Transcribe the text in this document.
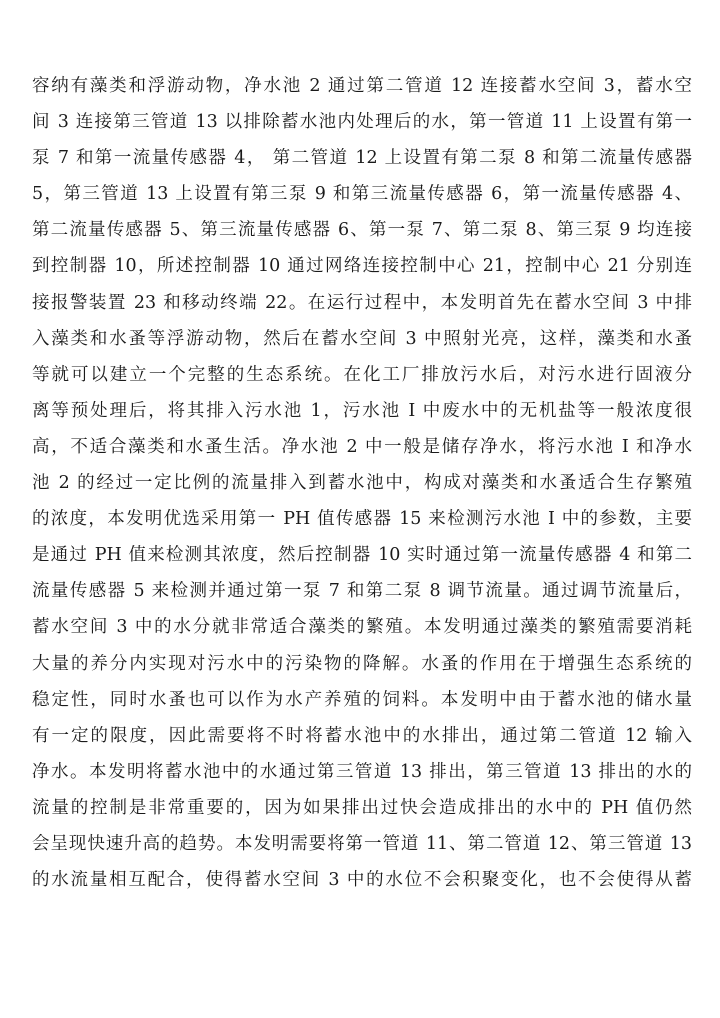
容纳有藻类和浮游动物，净水池 2 通过第二管道 12 连接蓄水空间 3，蓄水空
间 3 连接第三管道 13 以排除蓄水池内处理后的水，第一管道 11 上设置有第一
泵 7 和第一流量传感器 4， 第二管道 12 上设置有第二泵 8 和第二流量传感器
5，第三管道 13 上设置有第三泵 9 和第三流量传感器 6，第一流量传感器 4、
第二流量传感器 5、第三流量传感器 6、第一泵 7、第二泵 8、第三泵 9 均连接
到控制器 10，所述控制器 10 通过网络连接控制中心 21，控制中心 21 分别连
接报警装置 23 和移动终端 22。在运行过程中，本发明首先在蓄水空间 3 中排
入藻类和水蚤等浮游动物，然后在蓄水空间 3 中照射光亮，这样，藻类和水蚤
等就可以建立一个完整的生态系统。在化工厂排放污水后，对污水进行固液分
离等预处理后，将其排入污水池 1，污水池 I 中废水中的无机盐等一般浓度很
高，不适合藻类和水蚤生活。净水池 2 中一般是储存净水，将污水池 I 和净水
池 2 的经过一定比例的流量排入到蓄水池中，构成对藻类和水蚤适合生存繁殖
的浓度，本发明优选采用第一 PH 值传感器 15 来检测污水池 I 中的参数，主要
是通过 PH 值来检测其浓度，然后控制器 10 实时通过第一流量传感器 4 和第二
流量传感器 5 来检测并通过第一泵 7 和第二泵 8 调节流量。通过调节流量后，
蓄水空间 3 中的水分就非常适合藻类的繁殖。本发明通过藻类的繁殖需要消耗
大量的养分内实现对污水中的污染物的降解。水蚤的作用在于增强生态系统的
稳定性，同时水蚤也可以作为水产养殖的饲料。本发明中由于蓄水池的储水量
有一定的限度，因此需要将不时将蓄水池中的水排出，通过第二管道 12 输入
净水。本发明将蓄水池中的水通过第三管道 13 排出，第三管道 13 排出的水的
流量的控制是非常重要的，因为如果排出过快会造成排出的水中的 PH 值仍然
会呈现快速升高的趋势。本发明需要将第一管道 11、第二管道 12、第三管道 13
的水流量相互配合，使得蓄水空间 3 中的水位不会积聚变化，也不会使得从蓄
